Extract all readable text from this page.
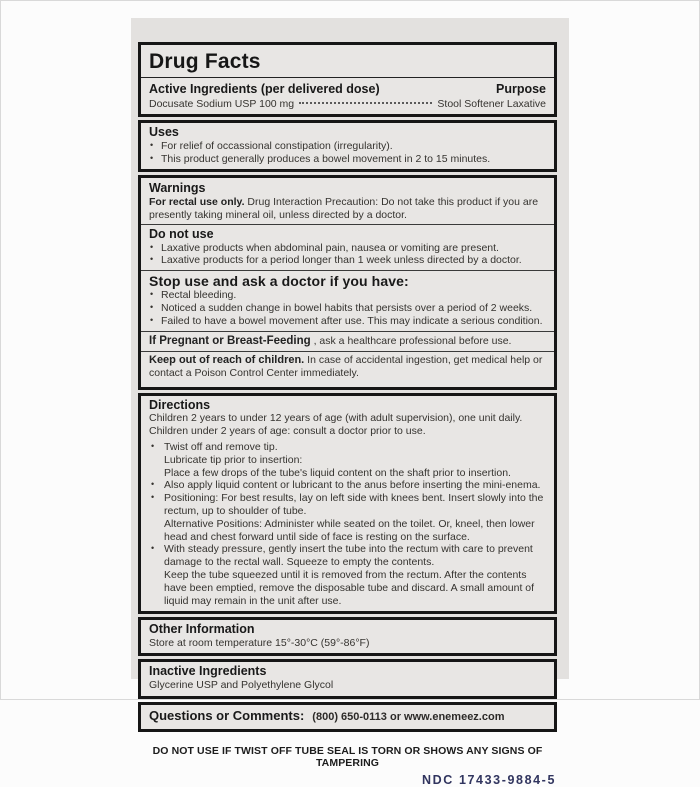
Drug Facts
Active Ingredients (per delivered dose)	Purpose
Docusate Sodium USP 100 mg	Stool Softener Laxative
Uses
• For relief of occassional constipation (irregularity).
• This product generally produces a bowel movement in 2 to 15 minutes.
Warnings
For rectal use only. Drug Interaction Precaution: Do not take this product if you are presently taking mineral oil, unless directed by a doctor.
Do not use
• Laxative products when abdominal pain, nausea or vomiting are present.
• Laxative products for a period longer than 1 week unless directed by a doctor.
Stop use and ask a doctor if you have:
• Rectal bleeding.
• Noticed a sudden change in bowel habits that persists over a period of 2 weeks.
• Failed to have a bowel movement after use. This may indicate a serious condition.
If Pregnant or Breast-Feeding , ask a healthcare professional before use.
Keep out of reach of children. In case of accidental ingestion, get medical help or contact a Poison Control Center immediately.
Directions
Children 2 years to under 12 years of age (with adult supervision), one unit daily.
Children under 2 years of age: consult a doctor prior to use.
• Twist off and remove tip.
Lubricate tip prior to insertion:
Place a few drops of the tube's liquid content on the shaft prior to insertion.
• Also apply liquid content or lubricant to the anus before inserting the mini-enema.
• Positioning: For best results, lay on left side with knees bent. Insert slowly into the rectum, up to shoulder of tube.
Alternative Positions: Administer while seated on the toilet. Or, kneel, then lower head and chest forward until side of face is resting on the surface.
• With steady pressure, gently insert the tube into the rectum with care to prevent damage to the rectal wall. Squeeze to empty the contents.
Keep the tube squeezed until it is removed from the rectum. After the contents have been emptied, remove the disposable tube and discard. A small amount of liquid may remain in the unit after use.
Other Information
Store at room temperature 15°-30°C (59°-86°F)
Inactive Ingredients
Glycerine USP and Polyethylene Glycol
Questions or Comments: (800) 650-0113 or www.enemeez.com
DO NOT USE IF TWIST OFF TUBE SEAL IS TORN OR SHOWS ANY SIGNS OF TAMPERING
NDC 17433-9884-5
